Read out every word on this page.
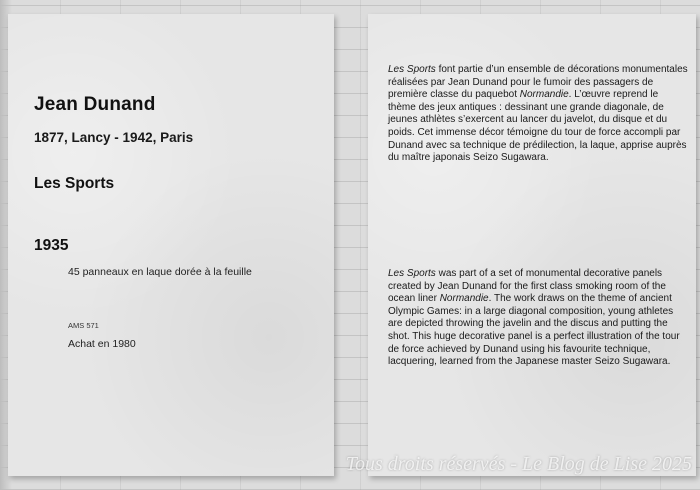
Jean Dunand
1877, Lancy - 1942, Paris
Les Sports
1935
45 panneaux en laque dorée à la feuille
AMS 571
Achat en 1980
Les Sports font partie d’un ensemble de décorations monumentales réalisées par Jean Dunand pour le fumoir des passagers de première classe du paquebot Normandie. L’œuvre reprend le thème des jeux antiques : dessinant une grande diagonale, de jeunes athlètes s’exercent au lancer du javelot, du disque et du poids. Cet immense décor témoigne du tour de force accompli par Dunand avec sa technique de prédilection, la laque, apprise auprès du maître japonais Seizo Sugawara.
Les Sports was part of a set of monumental decorative panels created by Jean Dunand for the first class smoking room of the ocean liner Normandie. The work draws on the theme of ancient Olympic Games: in a large diagonal composition, young athletes are depicted throwing the javelin and the discus and putting the shot. This huge decorative panel is a perfect illustration of the tour de force achieved by Dunand using his favourite technique, lacquering, learned from the Japanese master Seizo Sugawara.
Tous droits réservés - Le Blog de Lise 2025
